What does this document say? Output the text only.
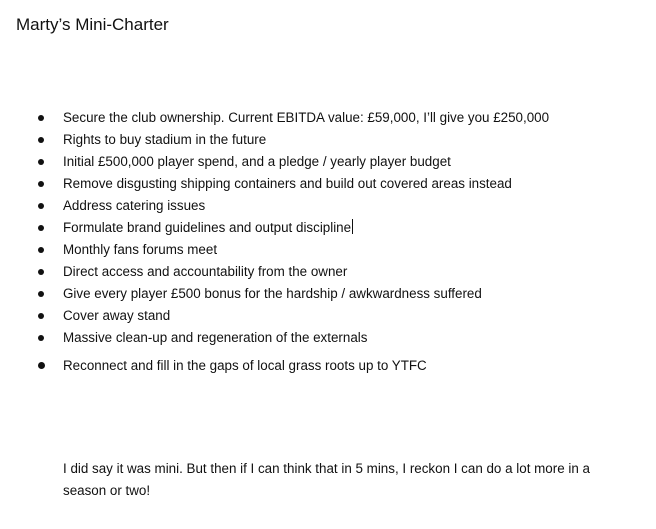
Marty’s Mini-Charter
Secure the club ownership. Current EBITDA value: £59,000, I’ll give you £250,000
Rights to buy stadium in the future
Initial £500,000 player spend, and a pledge / yearly player budget
Remove disgusting shipping containers and build out covered areas instead
Address catering issues
Formulate brand guidelines and output discipline
Monthly fans forums meet
Direct access and accountability from the owner
Give every player £500 bonus for the hardship / awkwardness suffered
Cover away stand
Massive clean-up and regeneration of the externals
Reconnect and fill in the gaps of local grass roots up to YTFC
I did say it was mini. But then if I can think that in 5 mins, I reckon I can do a lot more in a season or two!
